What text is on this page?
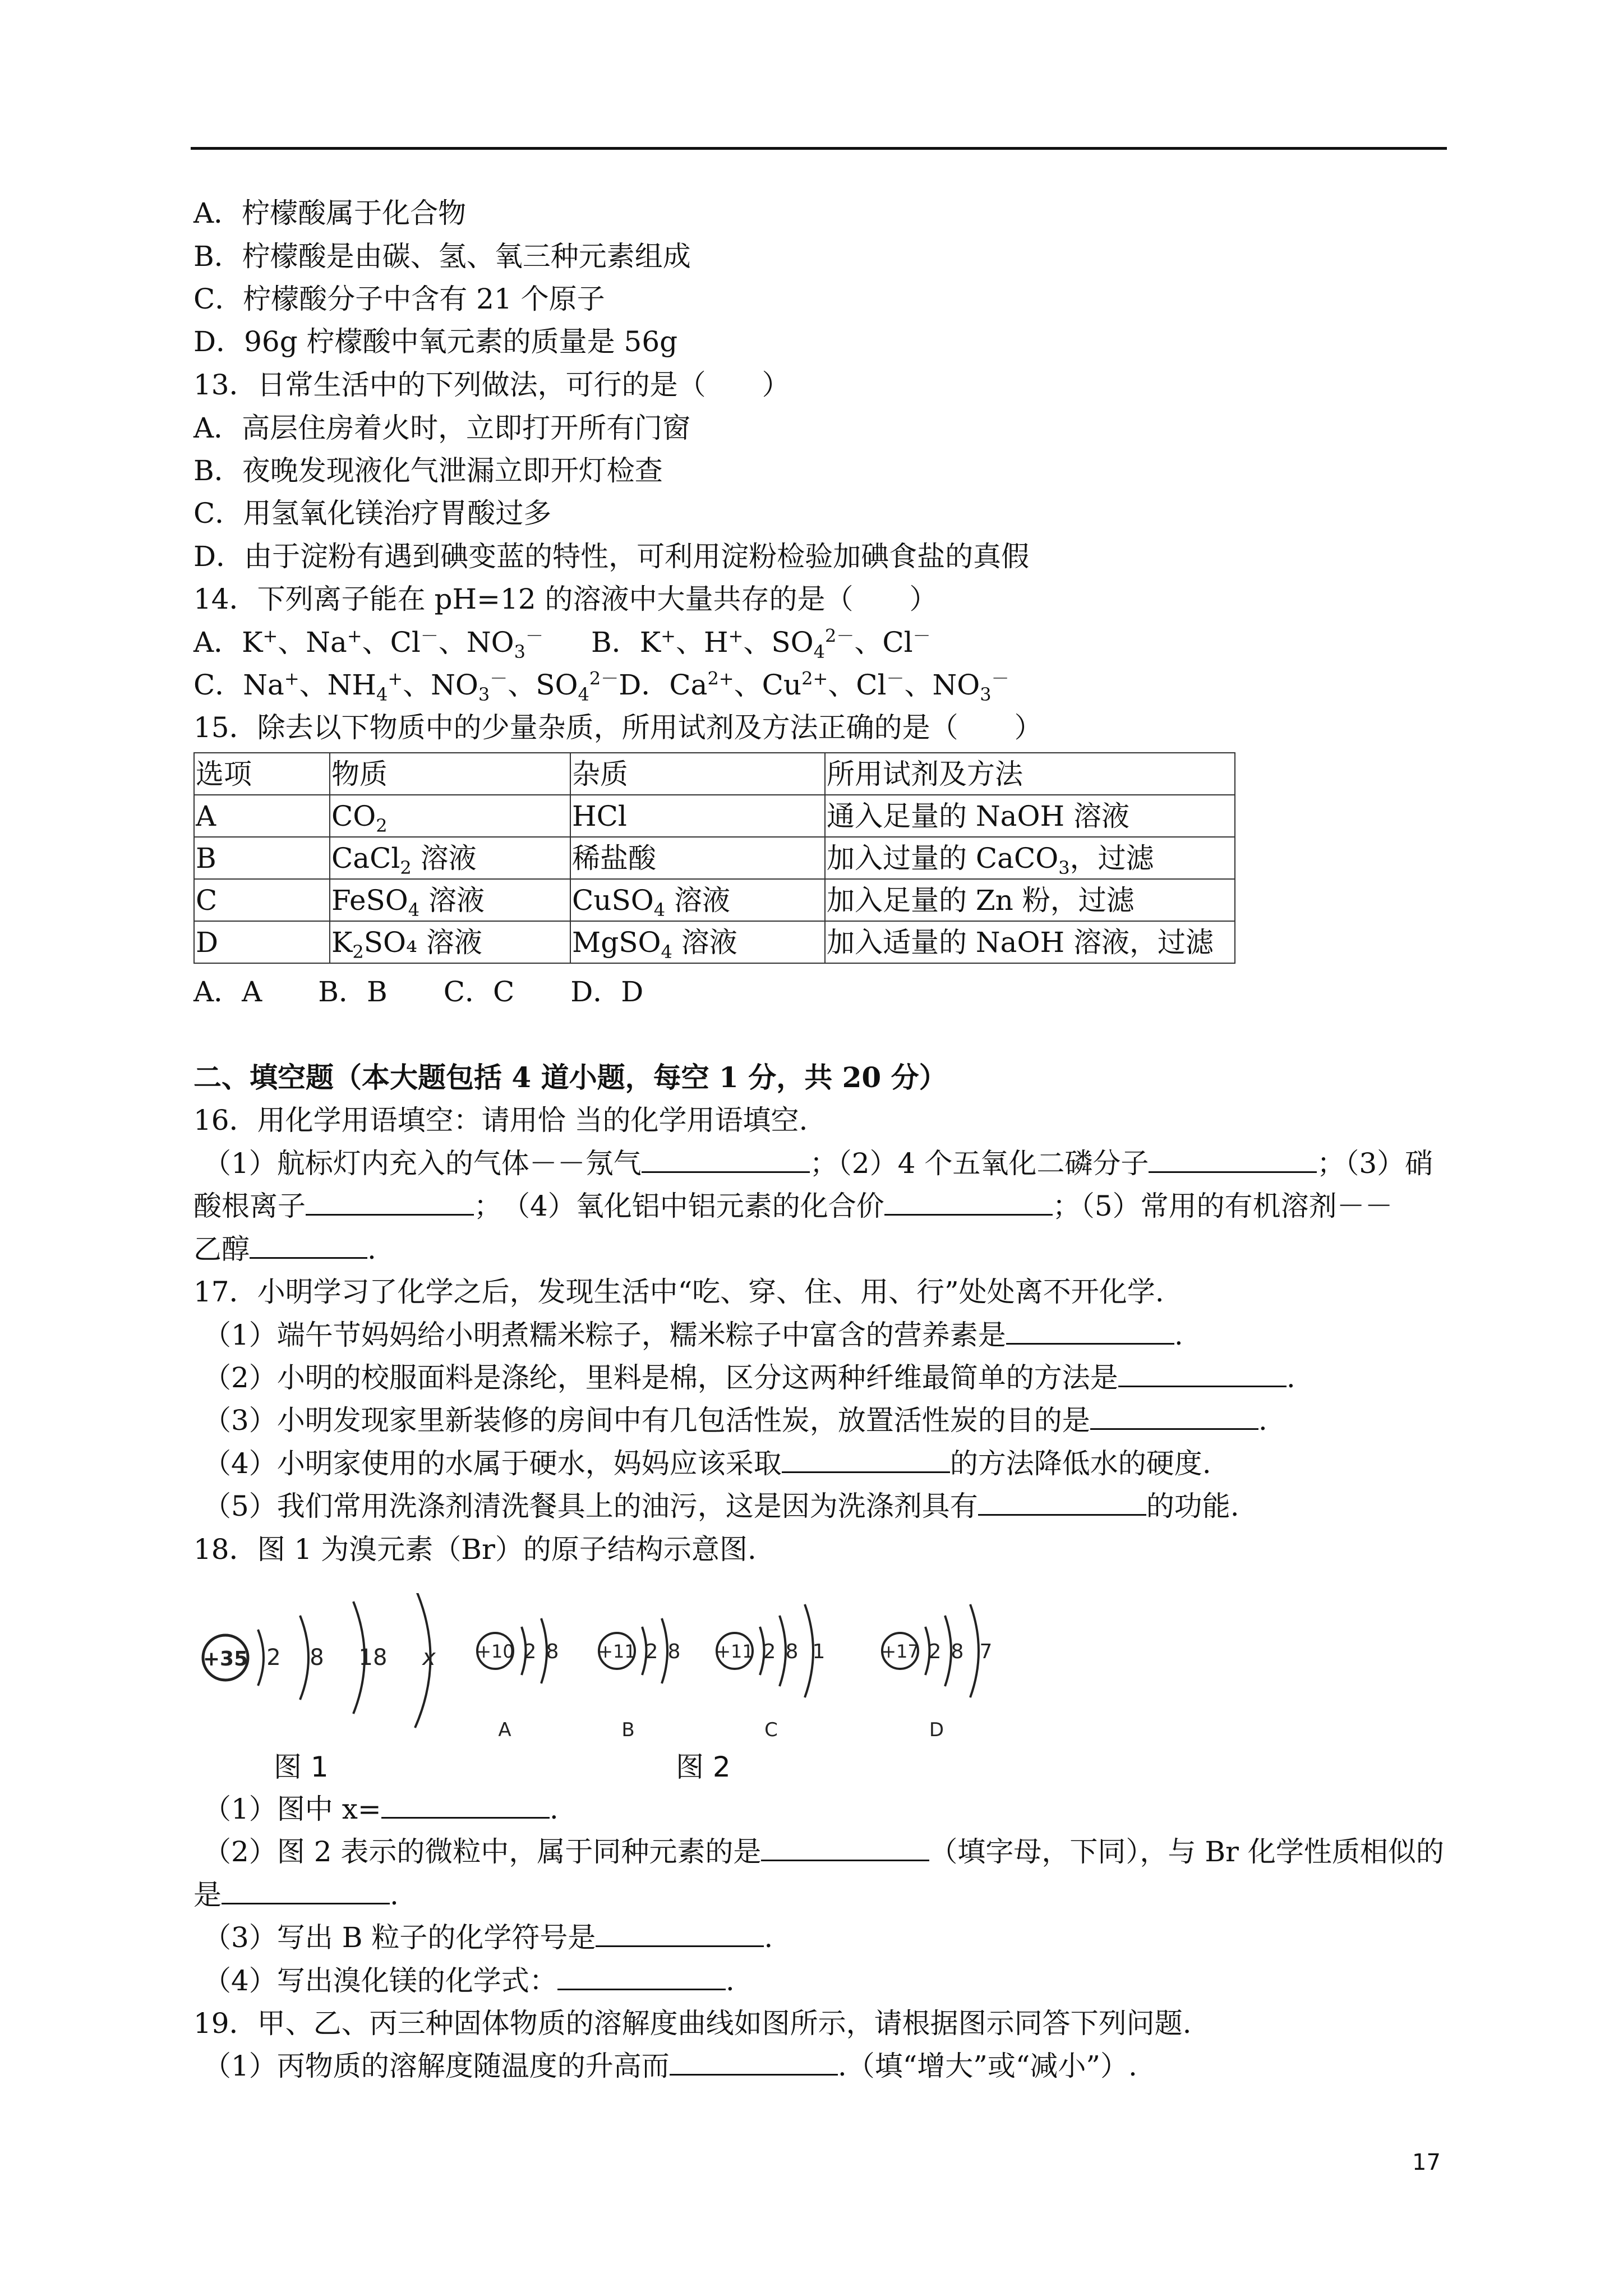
A．柠檬酸属于化合物
B．柠檬酸是由碳、氢、氧三种元素组成
C．柠檬酸分子中含有 21 个原子
D．96g 柠檬酸中氧元素的质量是 56g
13．日常生活中的下列做法，可行的是（　　）
A．高层住房着火时，立即打开所有门窗
B．夜晚发现液化气泄漏立即开灯检查
C．用氢氧化镁治疗胃酸过多
D．由于淀粉有遇到碘变蓝的特性，可利用淀粉检验加碘食盐的真假
14．下列离子能在 pH=12 的溶液中大量共存的是（　　）
A．K+、Na+、Cl－、$NO_3^-$ B．K+、H+、$SO_4^{2-}$、Cl－
C．Na+、$NH_4^+$、$NO_3^-$、$SO_4^{2-}D$．$Ca^{2+}$、$Cu^{2+}$、Cl－、$NO_3^-$
15．除去以下物质中的少量杂质，所用试剂及方法正确的是（　　）
选项	物质	杂质	所用试剂及方法
A	$CO_2$	HCl	通入足量的 NaOH 溶液
B	CaCl$_2$ 溶液	稀盐酸	加入过量的 CaCO$_3$，过滤
C	FeSO$_4$ 溶液	CuSO$_4$ 溶液	加入足量的 Zn 粉，过滤
D	$K_2SO_4$ 溶液	MgSO$_4$ 溶液	加入适量的 NaOH 溶液，过滤
A．A　　B．B　　C．C　　D．D
二、填空题（本大题包括 4 道小题，每空 1 分，共 20 分）
16．用化学用语填空：请用恰 当的化学用语填空.
（1）航标灯内充入的气体－－氖气	；（2）4 个五氧化二磷分子	；（3）硝
酸根离子	；　（4）氧化铝中铝元素的化合价	；（5）常用的有机溶剂－－
乙醇	.
17．小明学习了化学之后，发现生活中“吃、穿、住、用、行”处处离不开化学.
（1）端午节妈妈给小明煮糯米粽子，糯米粽子中富含的营养素是	.
（2）小明的校服面料是涤纶，里料是棉，区分这两种纤维最简单的方法是	.
（3）小明发现家里新装修的房间中有几包活性炭，放置活性炭的目的是	.
（4）小明家使用的水属于硬水，妈妈应该采取	的方法降低水的硬度.
（5）我们常用洗涤剂清洗餐具上的油污，这是因为洗涤剂具有	的功能.
18．图 1 为溴元素（Br）的原子结构示意图.
+35 2 8 18 x +10 2 8
A
+11 2 8
B
+11 2 8 1
C
+17 2 8 7
D
图 1	图 2
（1）图中 x=	.
（2）图 2 表示的微粒中，属于同种元素的是	（填字母，下同），与 Br 化学性质相似的
是	.
（3）写出 B 粒子的化学符号是	.
（4）写出溴化镁的化学式：	.
19．甲、乙、丙三种固体物质的溶解度曲线如图所示，请根据图示同答下列问题.
（1）丙物质的溶解度随温度的升高而	.（填“增大”或“减小”）.
17
